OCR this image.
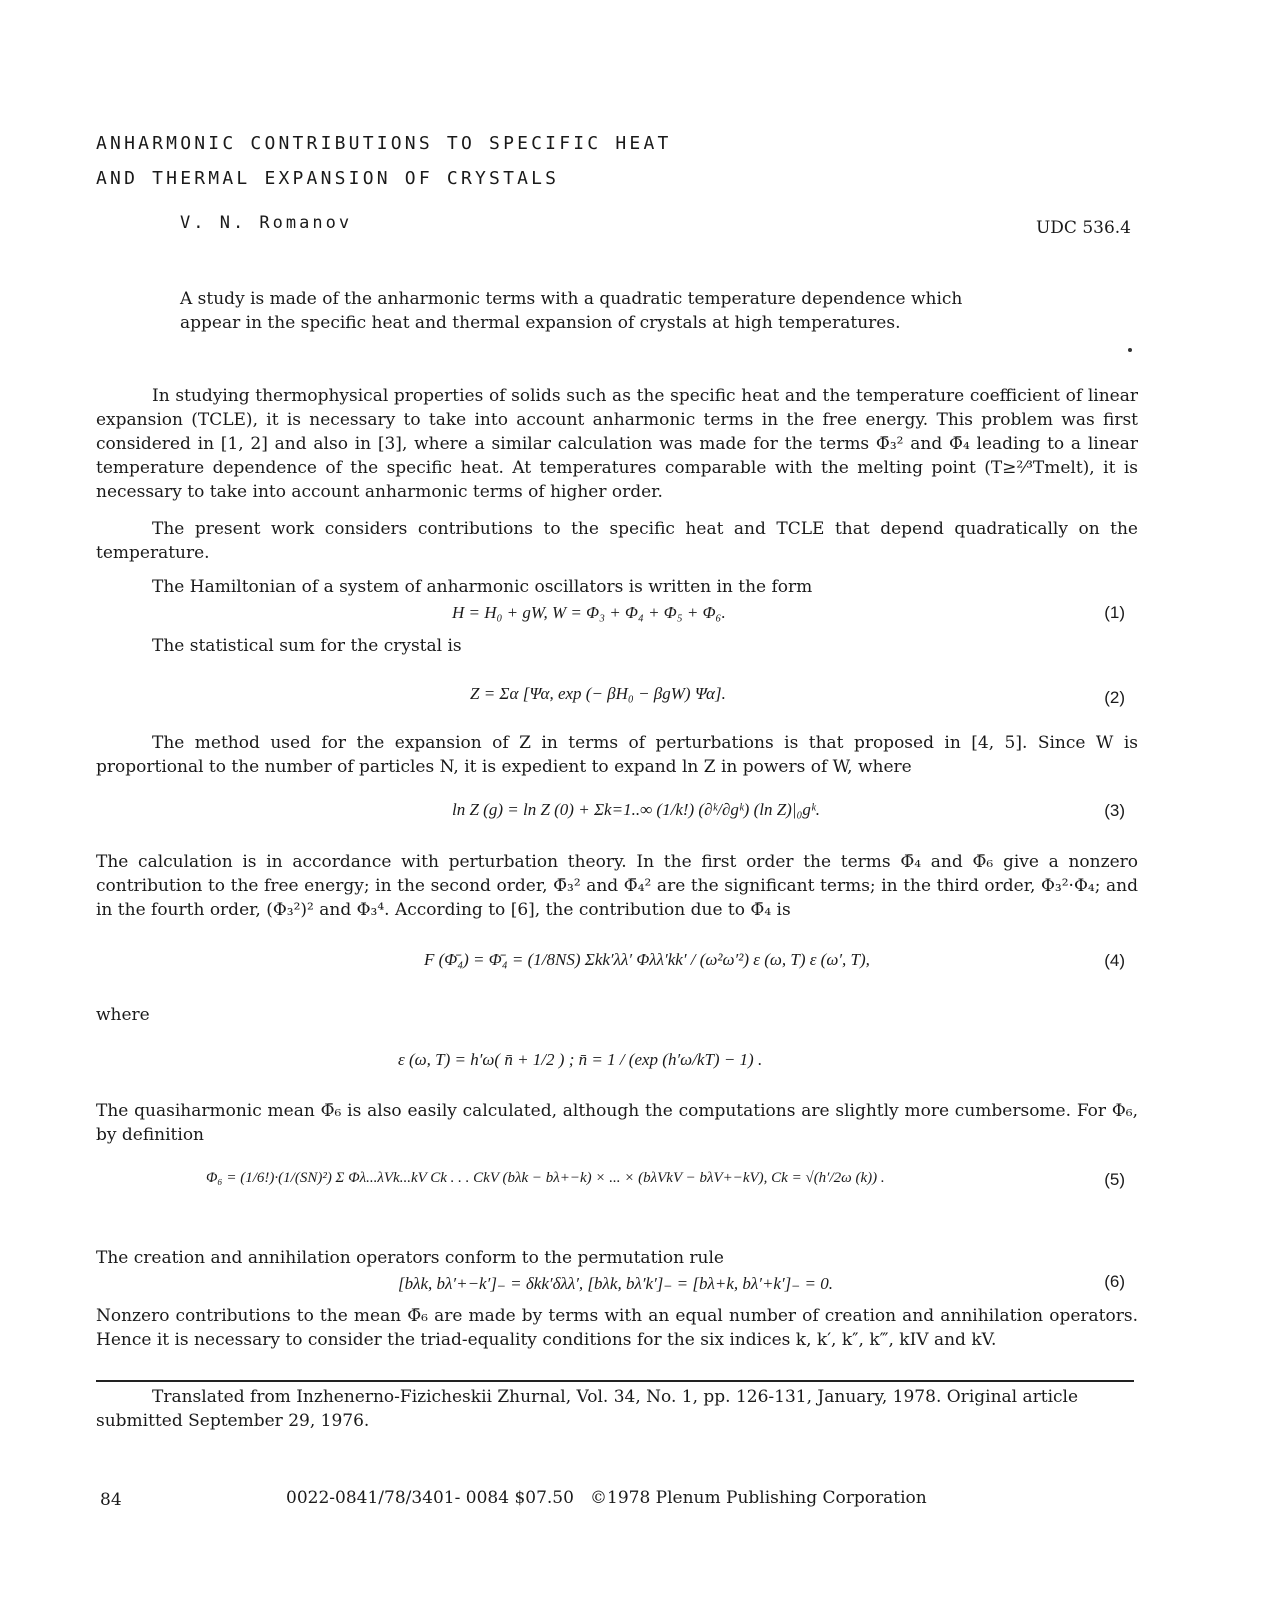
ANHARMONIC CONTRIBUTIONS TO SPECIFIC HEAT
AND THERMAL EXPANSION OF CRYSTALS
V. N. Romanov	UDC 536.4
A study is made of the anharmonic terms with a quadratic temperature dependence which appear in the specific heat and thermal expansion of crystals at high temperatures.
In studying thermophysical properties of solids such as the specific heat and the temperature coefficient of linear expansion (TCLE), it is necessary to take into account anharmonic terms in the free energy. This problem was first considered in [1, 2] and also in [3], where a similar calculation was made for the terms Φ̄₃² and Φ̄₄ leading to a linear temperature dependence of the specific heat. At temperatures comparable with the melting point (T≥²⁄³Tmelt), it is necessary to take into account anharmonic terms of higher order.
The present work considers contributions to the specific heat and TCLE that depend quadratically on the temperature.
The Hamiltonian of a system of anharmonic oscillators is written in the form
H = H₀ + gW, W = Φ₃ + Φ₄ + Φ₅ + Φ₆.	(1)
The statistical sum for the crystal is
Z = Σα [Ψα, exp (− βH₀ − βgW) Ψα].	(2)
The method used for the expansion of Z in terms of perturbations is that proposed in [4, 5]. Since W is proportional to the number of particles N, it is expedient to expand ln Z in powers of W, where
ln Z (g) = ln Z (0) + Σk=1..∞ (1/k!) (∂ᵏ/∂gᵏ) (ln Z)|₀gᵏ.	(3)
The calculation is in accordance with perturbation theory. In the first order the terms Φ̄₄ and Φ̄₆ give a nonzero contribution to the free energy; in the second order, Φ̄₃² and Φ̄₄² are the significant terms; in the third order, Φ₃²·Φ₄; and in the fourth order, (Φ₃²)² and Φ₃⁴. According to [6], the contribution due to Φ̄₄ is
F (Φ̄₄) = Φ̄₄ = (1/8NS) Σkk′λλ′ Φλλ′kk′ / (ω²ω′²) ε (ω, T) ε (ω′, T),	(4)
where
ε (ω, T) = h′ω( n̄ + 1/2 ) ; n̄ = 1 / (exp (h′ω/kT) − 1) .
The quasiharmonic mean Φ̄₆ is also easily calculated, although the computations are slightly more cumbersome. For Φ₆, by definition
Φ₆ = (1/6!)·(1/(SN)²) Σ Φλ...λVk...kV Ck . . . CkV (bλk − bλ+−k) × ... × (bλVkV − bλV+−kV), Ck = √(h′/2ω (k)) .	(5)
The creation and annihilation operators conform to the permutation rule
[bλk, bλ′+−k′]₋ = δkk′δλλ′, [bλk, bλ′k′]₋ = [bλ+k, bλ′+k′]₋ = 0.	(6)
Nonzero contributions to the mean Φ̄₆ are made by terms with an equal number of creation and annihilation operators. Hence it is necessary to consider the triad-equality conditions for the six indices k, k′, k″, k‴, kIV and kV.
Translated from Inzhenerno-Fizicheskii Zhurnal, Vol. 34, No. 1, pp. 126-131, January, 1978. Original article submitted September 29, 1976.
84	0022-0841/78/3401- 0084 $07.50 ©1978 Plenum Publishing Corporation
